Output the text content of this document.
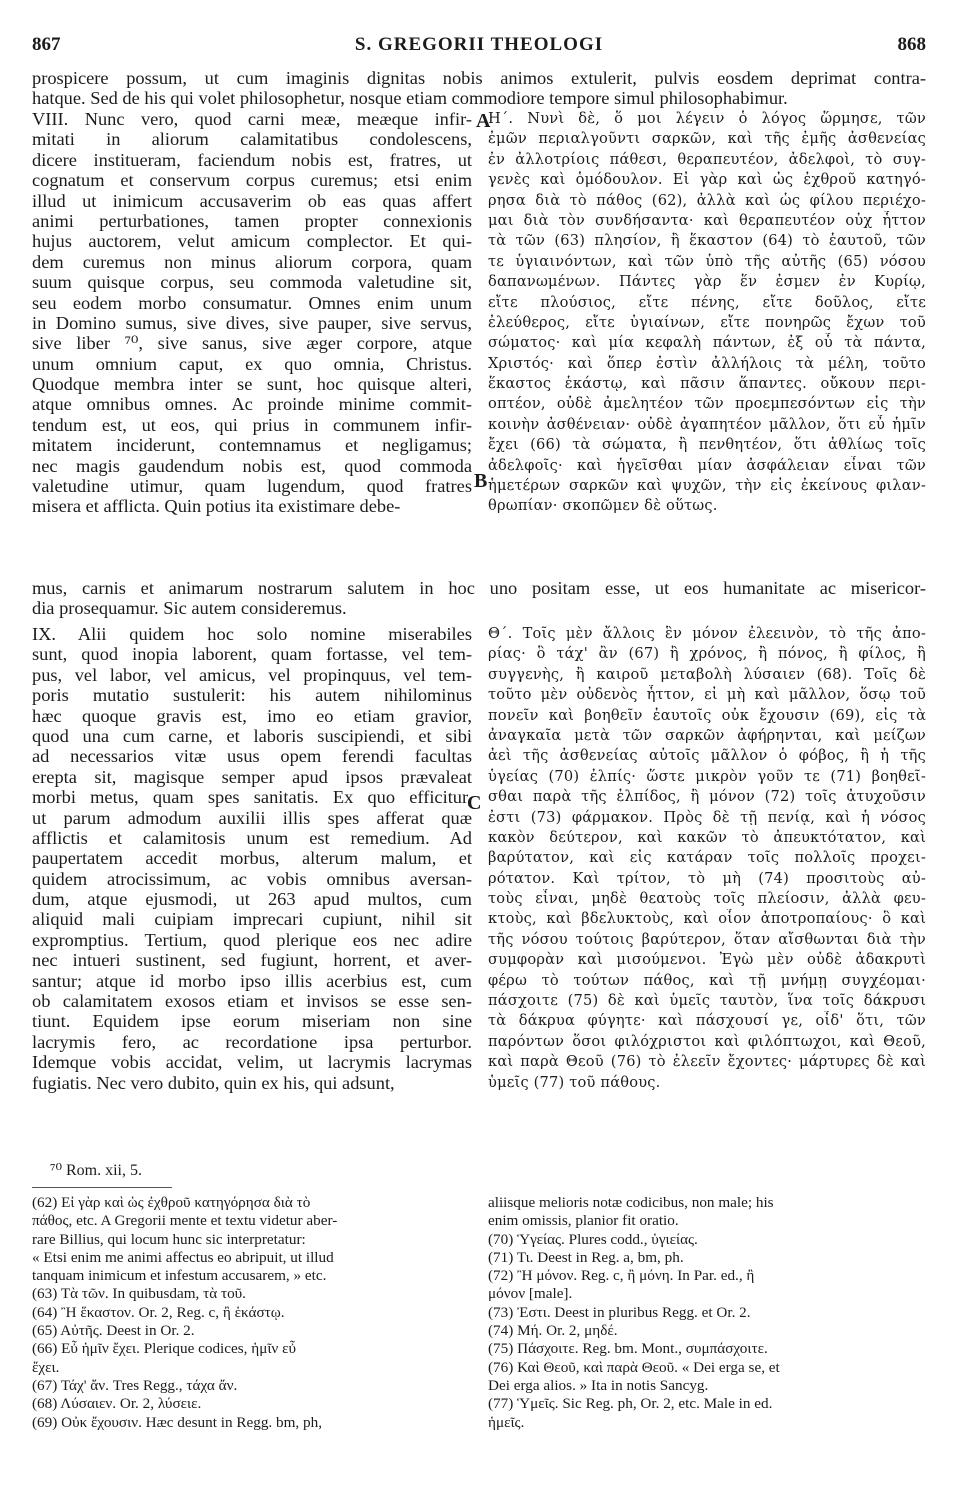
867	S. GREGORII THEOLOGI	868
prospicere possum, ut cum imaginis dignitas nobis animos extulerit, pulvis eosdem deprimat contra-
hatque. Sed de his qui volet philosophetur, nosque etiam commodiore tempore simul philosophabimur.
VIII. Nunc vero, quod carni meæ, meæque infir-
mitati in aliorum calamitatibus condolescens,
dicere institueram, faciendum nobis est, fratres, ut
cognatum et conservum corpus curemus; etsi enim
illud ut inimicum accusaverim ob eas quas affert
animi perturbationes, tamen propter connexionis
hujus auctorem, velut amicum complector. Et qui-
dem curemus non minus aliorum corpora, quam
suum quisque corpus, seu commoda valetudine sit,
seu eodem morbo consumatur. Omnes enim unum
in Domino sumus, sive dives, sive pauper, sive servus,
sive liber ⁷⁰, sive sanus, sive æger corpore, atque
unum omnium caput, ex quo omnia, Christus.
Quodque membra inter se sunt, hoc quisque alteri,
atque omnibus omnes. Ac proinde minime commit-
tendum est, ut eos, qui prius in communem infir-
mitatem inciderunt, contemnamus et negligamus;
nec magis gaudendum nobis est, quod commoda
valetudine utimur, quam lugendum, quod fratres
misera et afflicta. Quin potius ita existimare debe-
Η΄. Νυνὶ δὲ, ὅ μοι λέγειν ὁ λόγος ὥρμησε, τῶν
ἐμῶν περιαλγοῦντι σαρκῶν, καὶ τῆς ἐμῆς ἀσθενείας
ἐν ἀλλοτρίοις πάθεσι, θεραπευτέον, ἀδελφοὶ, τὸ συγ-
γενὲς καὶ ὁμόδουλον. Εἰ γὰρ καὶ ὡς ἐχθροῦ κατηγό-
ρησα διὰ τὸ πάθος (62), ἀλλὰ καὶ ὡς φίλου περιέχο-
μαι διὰ τὸν συνδήσαντα· καὶ θεραπευτέον οὐχ ἧττον
τὰ τῶν (63) πλησίον, ἢ ἕκαστον (64) τὸ ἑαυτοῦ, τῶν
τε ὑγιαινόντων, καὶ τῶν ὑπὸ τῆς αὐτῆς (65) νόσου
δαπανωμένων. Πάντες γὰρ ἕν ἐσμεν ἐν Κυρίῳ,
εἴτε πλούσιος, εἴτε πένης, εἴτε δοῦλος, εἴτε
ἐλεύθερος, εἴτε ὑγιαίνων, εἴτε πονηρῶς ἔχων τοῦ
σώματος· καὶ μία κεφαλὴ πάντων, ἐξ οὗ τὰ πάντα,
Χριστός· καὶ ὅπερ ἐστὶν ἀλλήλοις τὰ μέλη, τοῦτο
ἕκαστος ἑκάστῳ, καὶ πᾶσιν ἅπαντες. οὔκουν περι-
οπτέον, οὐδὲ ἀμελητέον τῶν προεμπεσόντων εἰς τὴν
κοινὴν ἀσθένειαν· οὐδὲ ἀγαπητέον μᾶλλον, ὅτι εὖ ἡμῖν
ἔχει (66) τὰ σώματα, ἢ πενθητέον, ὅτι ἀθλίως τοῖς
ἀδελφοῖς· καὶ ἡγεῖσθαι μίαν ἀσφάλειαν εἶναι τῶν
ἡμετέρων σαρκῶν καὶ ψυχῶν, τὴν εἰς ἐκείνους φιλαν-
θρωπίαν· σκοπῶμεν δὲ οὕτως.
A
B
mus, carnis et animarum nostrarum salutem in hoc uno positam esse, ut eos humanitate ac misericor-
dia prosequamur. Sic autem consideremus.
IX. Alii quidem hoc solo nomine miserabiles
sunt, quod inopia laborent, quam fortasse, vel tem-
pus, vel labor, vel amicus, vel propinquus, vel tem-
poris mutatio sustulerit: his autem nihilominus
hæc quoque gravis est, imo eo etiam gravior,
quod una cum carne, et laboris suscipiendi, et sibi
ad necessarios vitæ usus opem ferendi facultas
erepta sit, magisque semper apud ipsos prævaleat
morbi metus, quam spes sanitatis. Ex quo efficitur,
ut parum admodum auxilii illis spes afferat quæ
afflictis et calamitosis unum est remedium. Ad
paupertatem accedit morbus, alterum malum, et
quidem atrocissimum, ac vobis omnibus aversan-
dum, atque ejusmodi, ut 263 apud multos, cum
aliquid mali cuipiam imprecari cupiunt, nihil sit
expromptius. Tertium, quod plerique eos nec adire
nec intueri sustinent, sed fugiunt, horrent, et aver-
santur; atque id morbo ipso illis acerbius est, cum
ob calamitatem exosos etiam et invisos se esse sen-
tiunt. Equidem ipse eorum miseriam non sine
lacrymis fero, ac recordatione ipsa perturbor.
Idemque vobis accidat, velim, ut lacrymis lacrymas
fugiatis. Nec vero dubito, quin ex his, qui adsunt,
Θ΄. Τοῖς μὲν ἄλλοις ἓν μόνον ἐλεεινὸν, τὸ τῆς ἀπο-
ρίας· ὃ τάχ' ἂν (67) ἢ χρόνος, ἢ πόνος, ἢ φίλος, ἢ
συγγενὴς, ἢ καιροῦ μεταβολὴ λύσαιεν (68). Τοῖς δὲ
τοῦτο μὲν οὐδενὸς ἧττον, εἰ μὴ καὶ μᾶλλον, ὅσῳ τοῦ
πονεῖν καὶ βοηθεῖν ἑαυτοῖς οὐκ ἔχουσιν (69), εἰς τὰ
ἀναγκαῖα μετὰ τῶν σαρκῶν ἀφήρηνται, καὶ μείζων
ἀεὶ τῆς ἀσθενείας αὐτοῖς μᾶλλον ὁ φόβος, ἢ ἡ τῆς
ὑγείας (70) ἐλπίς· ὥστε μικρὸν γοῦν τε (71) βοηθεῖ-
σθαι παρὰ τῆς ἐλπίδος, ἢ μόνον (72) τοῖς ἀτυχοῦσιν
ἐστι (73) φάρμακον. Πρὸς δὲ τῇ πενίᾳ, καὶ ἡ νόσος
κακὸν δεύτερον, καὶ κακῶν τὸ ἀπευκτότατον, καὶ
βαρύτατον, καὶ εἰς κατάραν τοῖς πολλοῖς προχει-
ρότατον. Καὶ τρίτον, τὸ μὴ (74) προσιτοὺς αὐ-
τοὺς εἶναι, μηδὲ θεατοὺς τοῖς πλείοσιν, ἀλλὰ φευ-
κτοὺς, καὶ βδελυκτοὺς, καὶ οἷον ἀποτροπαίους· ὃ καὶ
τῆς νόσου τούτοις βαρύτερον, ὅταν αἴσθωνται διὰ τὴν
συμφορὰν καὶ μισούμενοι. Ἐγὼ μὲν οὐδὲ ἀδακρυτὶ
φέρω τὸ τούτων πάθος, καὶ τῇ μνήμῃ συγχέομαι·
πάσχοιτε (75) δὲ καὶ ὑμεῖς ταυτὸν, ἵνα τοῖς δάκρυσι
τὰ δάκρυα φύγητε· καὶ πάσχουσί γε, οἶδ' ὅτι, τῶν
παρόντων ὅσοι φιλόχριστοι καὶ φιλόπτωχοι, καὶ Θεοῦ,
καὶ παρὰ Θεοῦ (76) τὸ ἐλεεῖν ἔχοντες· μάρτυρες δὲ καὶ
ὑμεῖς (77) τοῦ πάθους.
C
⁷⁰ Rom. xii, 5.
(62) Εἰ γὰρ καὶ ὡς ἐχθροῦ κατηγόρησα διὰ τὸ
πάθος, etc. A Gregorii mente et textu videtur aber-
rare Billius, qui locum hunc sic interpretatur:
« Etsi enim me animi affectus eo abripuit, ut illud
tanquam inimicum et infestum accusarem, » etc.
(63) Τὰ τῶν. In quibusdam, τὰ τοῦ.
(64) Ἢ ἕκαστον. Or. 2, Reg. c, ἢ ἑκάστῳ.
(65) Αὐτῆς. Deest in Or. 2.
(66) Εὖ ἡμῖν ἔχει. Plerique codices, ἡμῖν εὖ
ἔχει.
(67) Τάχ' ἄν. Tres Regg., τάχα ἄν.
(68) Λύσαιεν. Or. 2, λύσειε.
(69) Οὐκ ἔχουσιν. Hæc desunt in Regg. bm, ph,
aliisque melioris notæ codicibus, non male; his
enim omissis, planior fit oratio.
(70) Ὑγείας. Plures codd., ὑγιείας.
(71) Τι. Deest in Reg. a, bm, ph.
(72) Ἢ μόνον. Reg. c, ἢ μόνη. In Par. ed., ἢ
μόνον [male].
(73) Ἐστι. Deest in pluribus Regg. et Or. 2.
(74) Μή. Or. 2, μηδέ.
(75) Πάσχοιτε. Reg. bm. Mont., συμπάσχοιτε.
(76) Καὶ Θεοῦ, καὶ παρὰ Θεοῦ. « Dei erga se, et
Dei erga alios. » Ita in notis Sancyg.
(77) Ὑμεῖς. Sic Reg. ph, Or. 2, etc. Male in ed.
ἡμεῖς.
